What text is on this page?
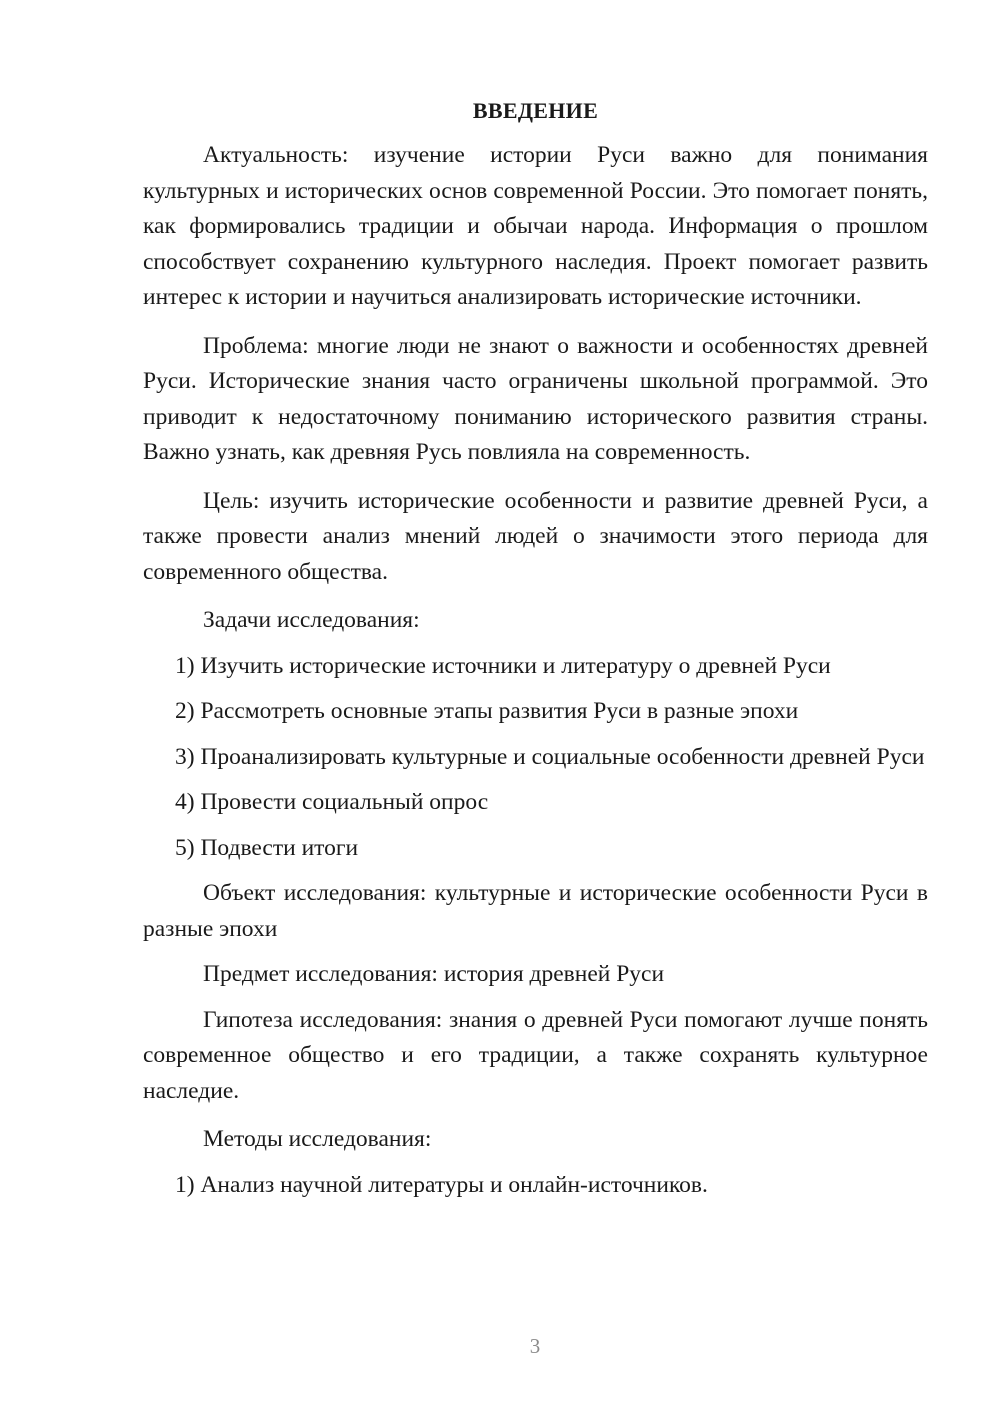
ВВЕДЕНИЕ

Актуальность: изучение истории Руси важно для понимания культурных и исторических основ современной России. Это помогает понять, как формировались традиции и обычаи народа. Информация о прошлом способствует сохранению культурного наследия. Проект помогает развить интерес к истории и научиться анализировать исторические источники.

Проблема: многие люди не знают о важности и особенностях древней Руси. Исторические знания часто ограничены школьной программой. Это приводит к недостаточному пониманию исторического развития страны. Важно узнать, как древняя Русь повлияла на современность.

Цель: изучить исторические особенности и развитие древней Руси, а также провести анализ мнений людей о значимости этого периода для современного общества.

Задачи исследования:

1) Изучить исторические источники и литературу о древней Руси

2) Рассмотреть основные этапы развития Руси в разные эпохи

3) Проанализировать культурные и социальные особенности древней Руси

4) Провести социальный опрос

5) Подвести итоги

Объект исследования: культурные и исторические особенности Руси в разные эпохи

Предмет исследования: история древней Руси

Гипотеза исследования: знания о древней Руси помогают лучше понять современное общество и его традиции, а также сохранять культурное наследие.

Методы исследования:

1) Анализ научной литературы и онлайн-источников.

3
